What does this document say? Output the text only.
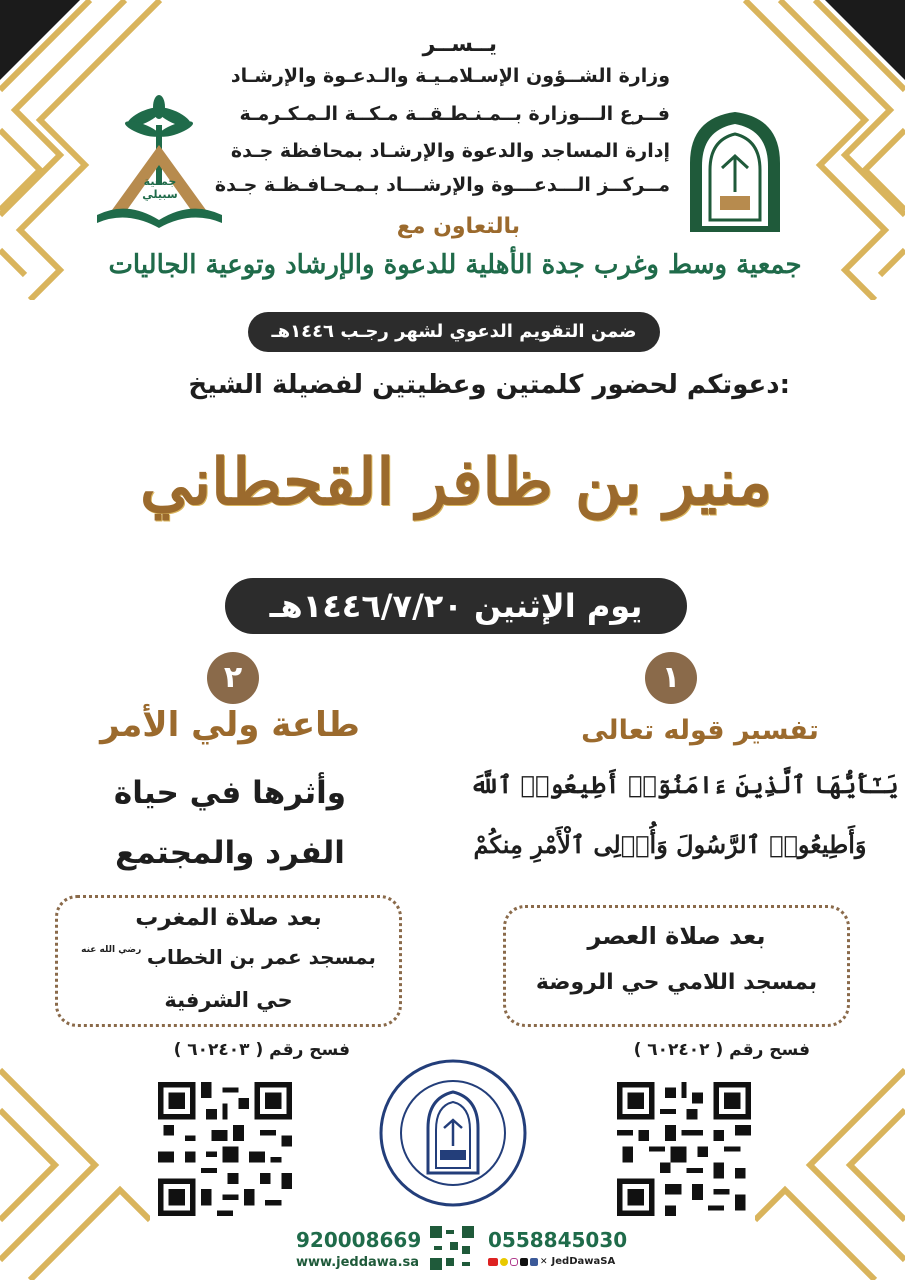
جمعية سبيلي
يــســر
وزارة الشــؤون الإسـلامـيـة والـدعـوة والإرشـاد
فــرع الـــوزارة بــمـنـطـقــة مـكــة الـمـكـرمـة
إدارة المساجد والدعوة والإرشـاد بمحافظة جـدة
مــركــز الـــدعـــوة والإرشـــاد بـمـحـافـظـة جـدة
بالتعاون مع
جمعية وسط وغرب جدة الأهلية للدعوة والإرشاد وتوعية الجاليات
ضمن التقويم الدعوي لشهر رجـب ١٤٤٦هـ
دعوتكم لحضور كلمتين وعظيتين لفضيلة الشيخ:
منير بن ظافر القحطاني
يوم الإثنين ١٤٤٦/٧/٢٠هـ
١
تفسير قوله تعالى
يَـٰٓأَيُّهَا ٱلَّذِينَ ءَامَنُوٓا۟ أَطِيعُوا۟ ٱللَّهَ
وَأَطِيعُوا۟ ٱلرَّسُولَ وَأُو۟لِى ٱلْأَمْرِ مِنكُمْ
بعد صلاة العصر
بمسجد اللامي حي الروضة
فسح رقم ( ٦٠٢٤٠٢ )
٢
طاعة ولي الأمر
وأثرها في حياة
الفرد والمجتمع
بعد صلاة المغرب
بمسجد عمر بن الخطاب $^{رضي الله عنه}$
حي الشرفية
فسح رقم ( ٦٠٢٤٠٣ )
920008669
www.jeddawa.sa
0558845030
✕ JedDawaSA
